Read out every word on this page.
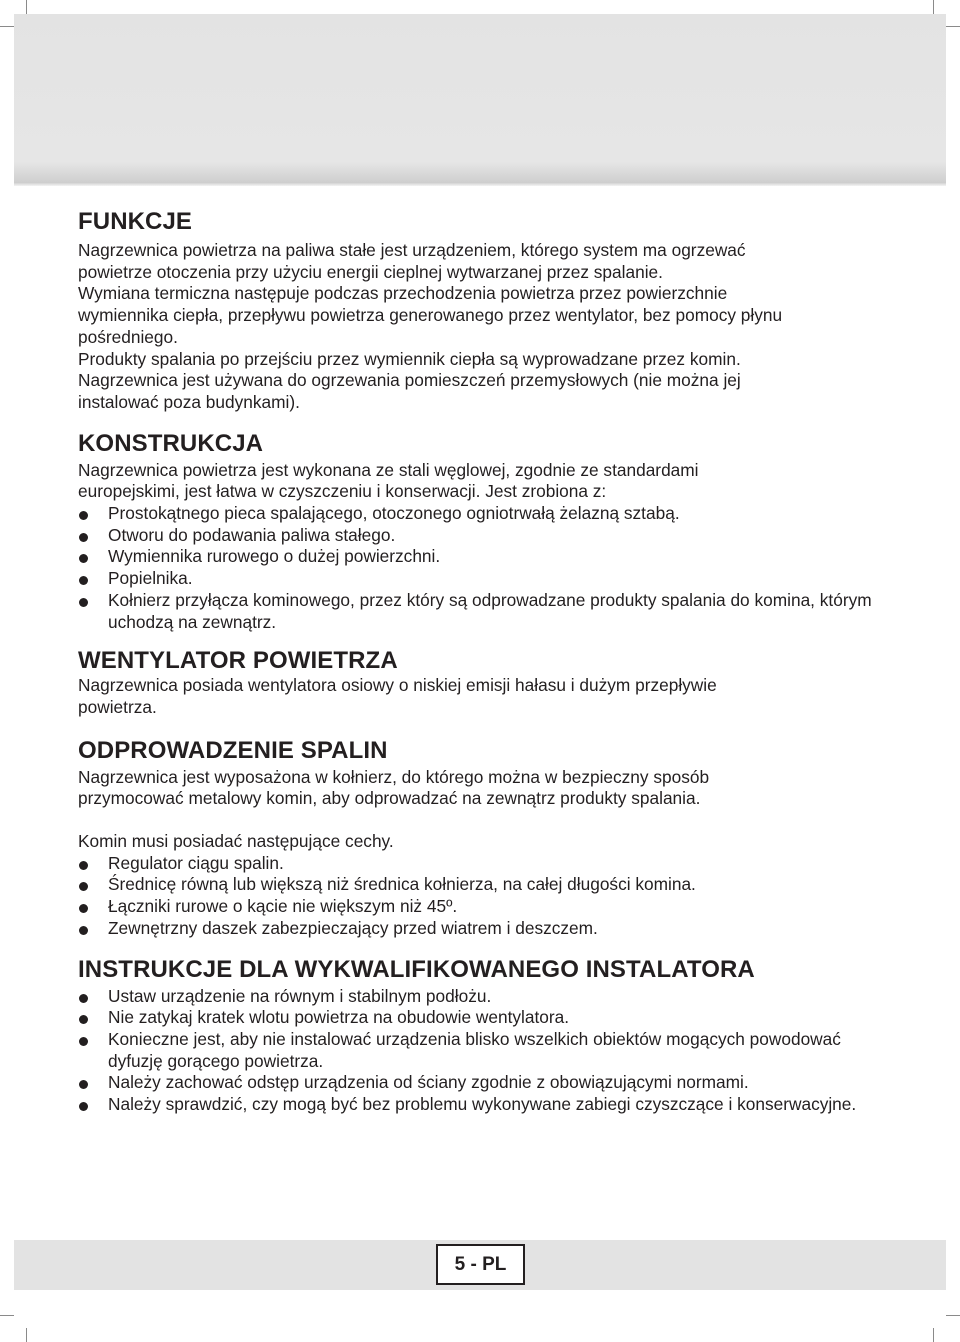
FUNKCJE

Nagrzewnica powietrza na paliwa stałe jest urządzeniem, którego system ma ogrzewać

powietrze otoczenia przy użyciu energii cieplnej wytwarzanej przez spalanie.

Wymiana termiczna następuje podczas przechodzenia powietrza przez powierzchnie

wymiennika ciepła, przepływu powietrza generowanego przez wentylator, bez pomocy płynu

pośredniego.

Produkty spalania po przejściu przez wymiennik ciepła są wyprowadzane przez komin.

Nagrzewnica jest używana do ogrzewania pomieszczeń przemysłowych (nie można jej

instalować poza budynkami).

KONSTRUKCJA

Nagrzewnica powietrza jest wykonana ze stali węglowej, zgodnie ze standardami

europejskimi, jest łatwa w czyszczeniu i konserwacji. Jest zrobiona z:

Prostokątnego pieca spalającego, otoczonego ogniotrwałą żelazną sztabą.
Otworu do podawania paliwa stałego.
Wymiennika rurowego o dużej powierzchni.
Popielnika.
Kołnierz przyłącza kominowego, przez który są odprowadzane produkty spalania do komina, którym uchodzą na zewnątrz.
WENTYLATOR POWIETRZA

Nagrzewnica posiada wentylatora osiowy o niskiej emisji hałasu i dużym przepływie

powietrza.

ODPROWADZENIE SPALIN

Nagrzewnica jest wyposażona w kołnierz, do którego można w bezpieczny sposób

przymocować metalowy komin, aby odprowadzać na zewnątrz produkty spalania.

Komin musi posiadać następujące cechy.

Regulator ciągu spalin.
Średnicę równą lub większą niż średnica kołnierza, na całej długości komina.
Łączniki rurowe o kącie nie większym niż 45º.
Zewnętrzny daszek zabezpieczający przed wiatrem i deszczem.
INSTRUKCJE DLA WYKWALIFIKOWANEGO INSTALATORA
Ustaw urządzenie na równym i stabilnym podłożu.
Nie zatykaj kratek wlotu powietrza na obudowie wentylatora.
Konieczne jest, aby nie instalować urządzenia blisko wszelkich obiektów mogących powodować dyfuzję gorącego powietrza.
Należy zachować odstęp urządzenia od ściany zgodnie z obowiązującymi normami.
Należy sprawdzić, czy mogą być bez problemu wykonywane zabiegi czyszczące i konserwacyjne.
5 - PL
